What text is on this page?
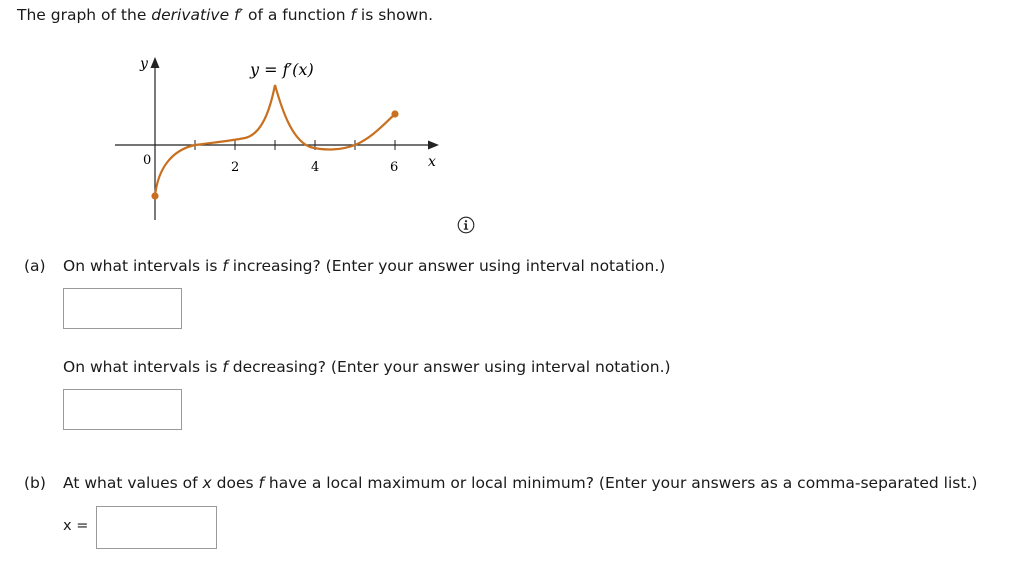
The graph of the derivative f′ of a function f is shown.
y
x
y = f′(x)
0	2	4	6
(a) On what intervals is f increasing? (Enter your answer using interval notation.)
On what intervals is f decreasing? (Enter your answer using interval notation.)
(b) At what values of x does f have a local maximum or local minimum? (Enter your answers as a comma-separated list.)
x =
